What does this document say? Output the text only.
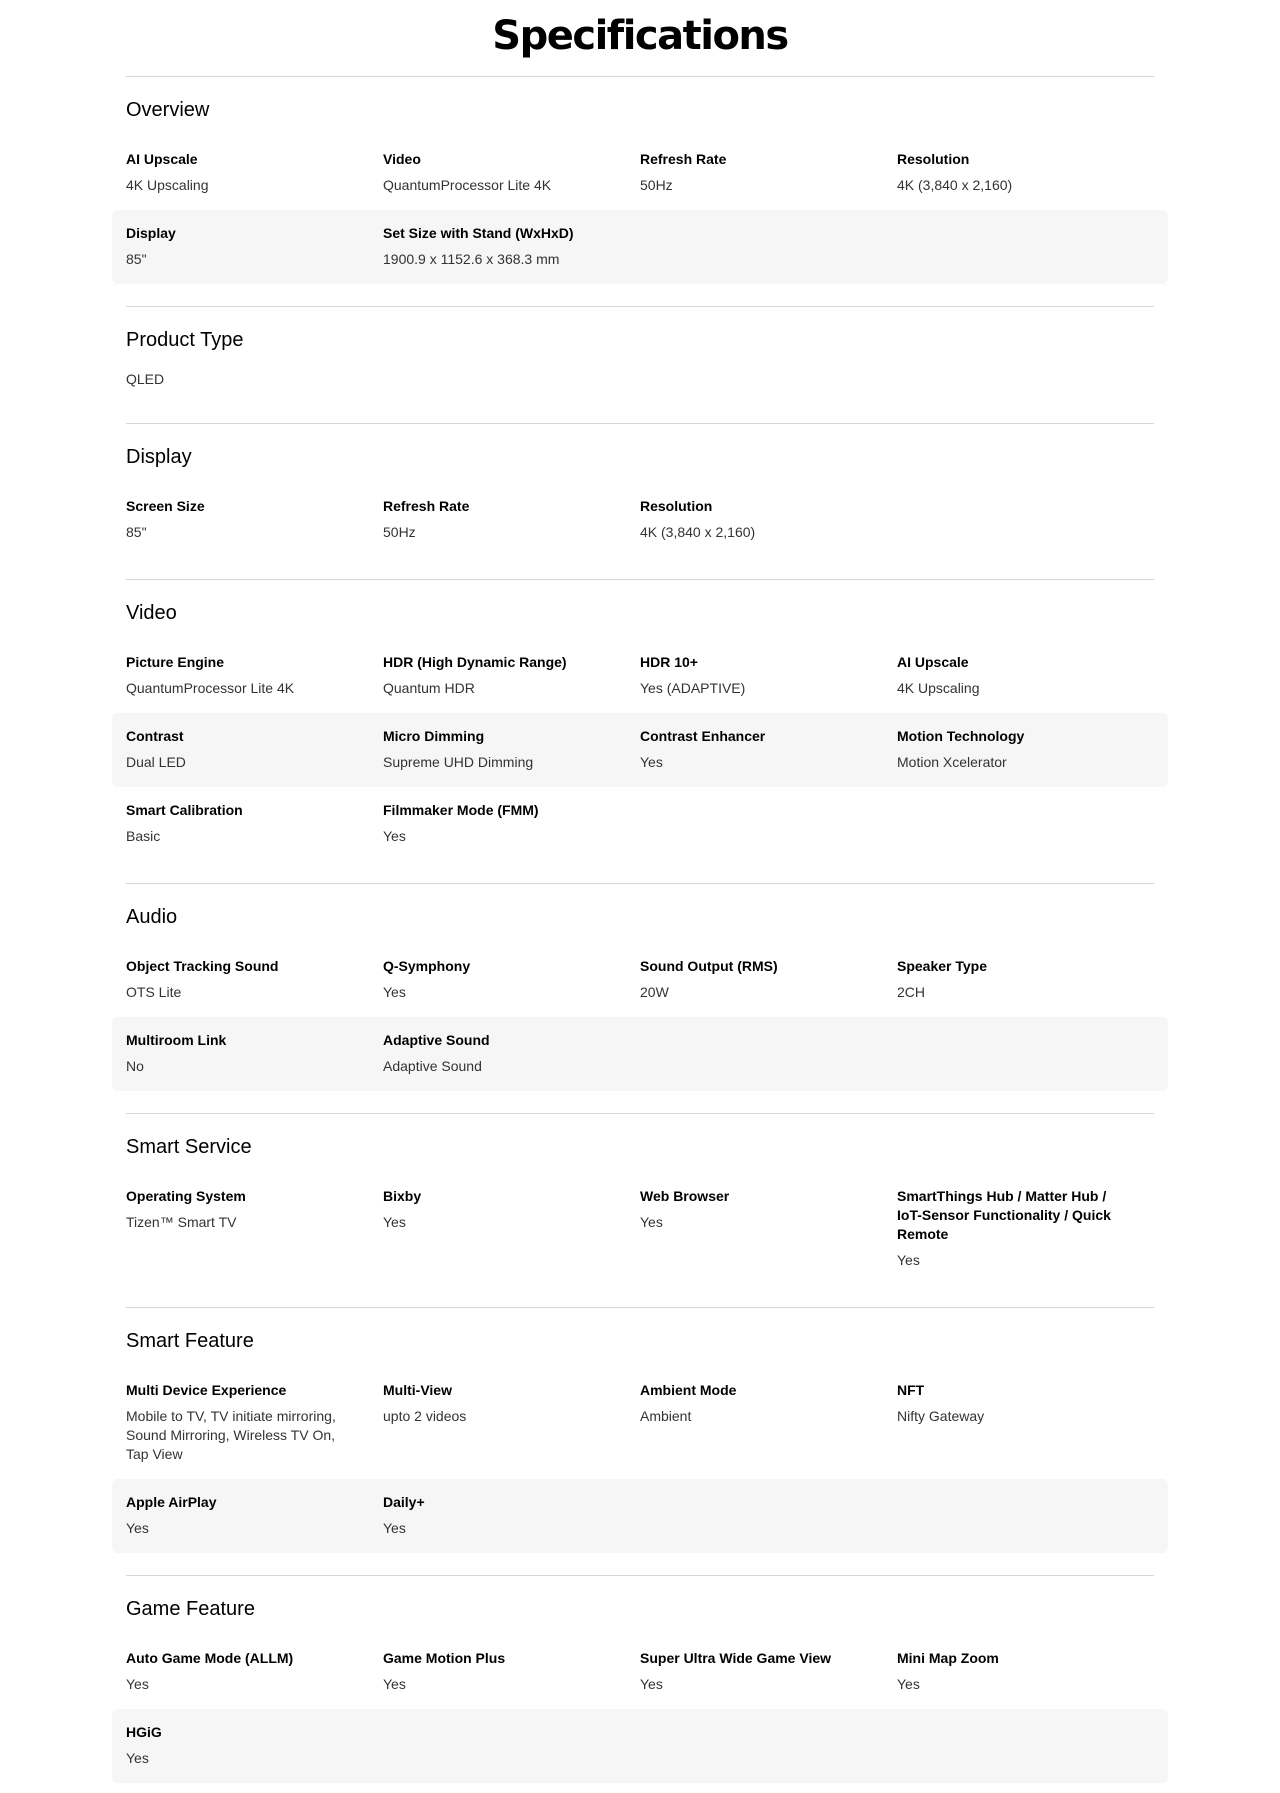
Specifications
Overview
AI Upscale
4K Upscaling
Video
QuantumProcessor Lite 4K
Refresh Rate
50Hz
Resolution
4K (3,840 x 2,160)
Display
85"
Set Size with Stand (WxHxD)
1900.9 x 1152.6 x 368.3 mm
Product Type
QLED
Display
Screen Size
85"
Refresh Rate
50Hz
Resolution
4K (3,840 x 2,160)
Video
Picture Engine
QuantumProcessor Lite 4K
HDR (High Dynamic Range)
Quantum HDR
HDR 10+
Yes (ADAPTIVE)
AI Upscale
4K Upscaling
Contrast
Dual LED
Micro Dimming
Supreme UHD Dimming
Contrast Enhancer
Yes
Motion Technology
Motion Xcelerator
Smart Calibration
Basic
Filmmaker Mode (FMM)
Yes
Audio
Object Tracking Sound
OTS Lite
Q-Symphony
Yes
Sound Output (RMS)
20W
Speaker Type
2CH
Multiroom Link
No
Adaptive Sound
Adaptive Sound
Smart Service
Operating System
Tizen™ Smart TV
Bixby
Yes
Web Browser
Yes
SmartThings Hub / Matter Hub / IoT-Sensor Functionality / Quick Remote
Yes
Smart Feature
Multi Device Experience
Mobile to TV, TV initiate mirroring, Sound Mirroring, Wireless TV On, Tap View
Multi-View
upto 2 videos
Ambient Mode
Ambient
NFT
Nifty Gateway
Apple AirPlay
Yes
Daily+
Yes
Game Feature
Auto Game Mode (ALLM)
Yes
Game Motion Plus
Yes
Super Ultra Wide Game View
Yes
Mini Map Zoom
Yes
HGiG
Yes
